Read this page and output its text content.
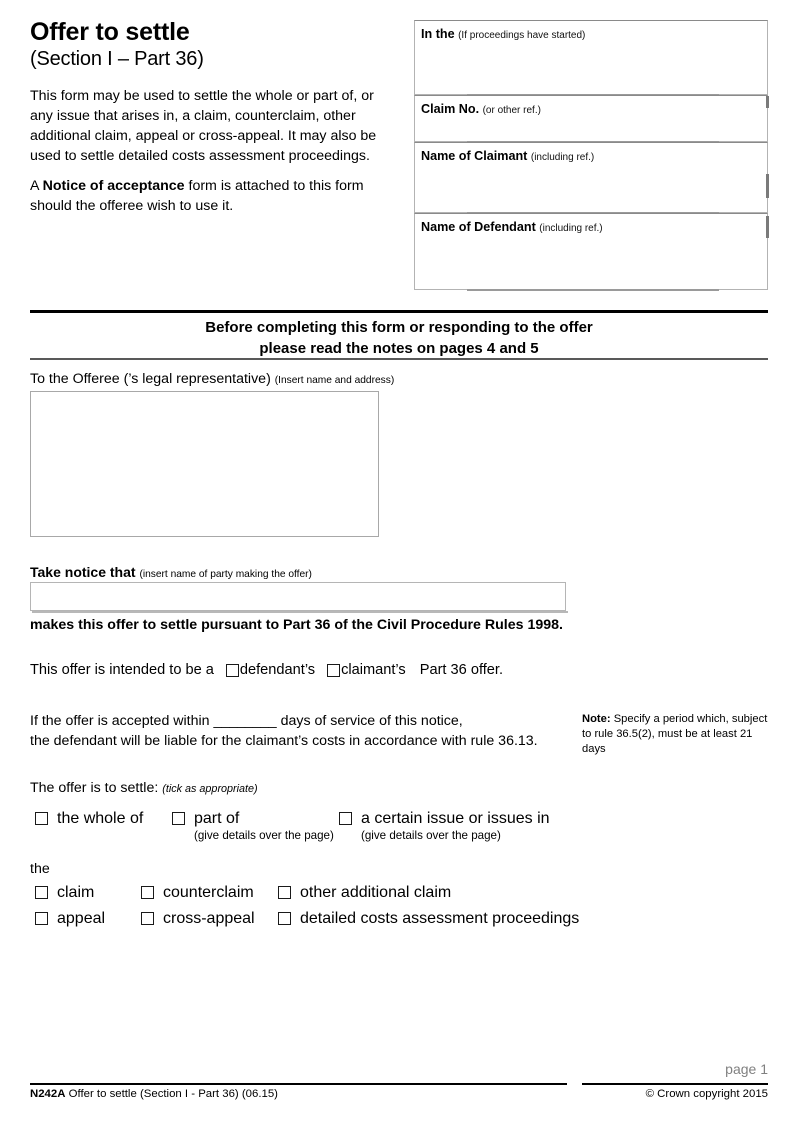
Offer to settle
(Section I – Part 36)

This form may be used to settle the whole or part of, or any issue that arises in, a claim, counterclaim, other additional claim, appeal or cross-appeal. It may also be used to settle detailed costs assessment proceedings.

A Notice of acceptance form is attached to this form should the offeree wish to use it.

In the (If proceedings have started)
Claim No. (or other ref.)
Name of Claimant (including ref.)
Name of Defendant (including ref.)
Before completing this form or responding to the offer
please read the notes on pages 4 and 5
To the Offeree (’s legal representative) (Insert name and address)
Take notice that (insert name of party making the offer)
makes this offer to settle pursuant to Part 36 of the Civil Procedure Rules 1998.
This offer is intended to be a defendant’s claimant’s Part 36 offer.
If the offer is accepted within ________ days of service of this notice,
the defendant will be liable for the claimant’s costs in accordance with rule 36.13.
Note: Specify a period which, subject to rule 36.5(2), must be at least 21 days
The offer is to settle: (tick as appropriate)
the whole of	part of
(give details over the page)
a certain issue or issues in
(give details over the page)
the
claim	counterclaim	other additional claim
appeal	cross-appeal	detailed costs assessment proceedings
page 1
N242A Offer to settle (Section I - Part 36) (06.15)	© Crown copyright 2015
